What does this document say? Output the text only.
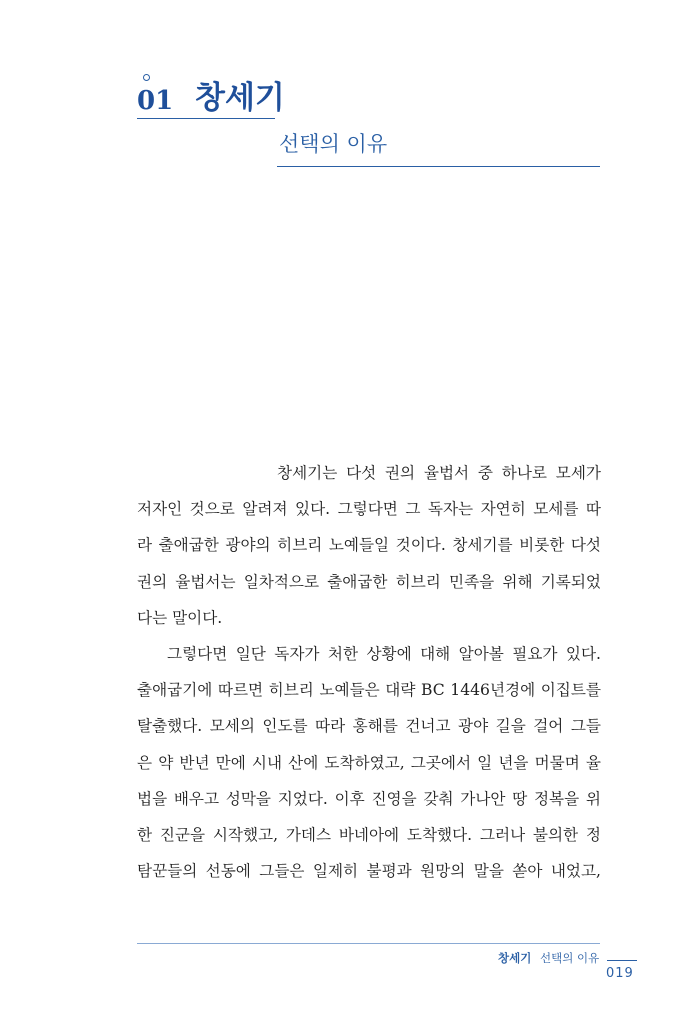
01 창세기
선택의 이유

창세기는 다섯 권의 율법서 중 하나로 모세가
저자인 것으로 알려져 있다. 그렇다면 그 독자는 자연히 모세를 따
라 출애굽한 광야의 히브리 노예들일 것이다. 창세기를 비롯한 다섯
권의 율법서는 일차적으로 출애굽한 히브리 민족을 위해 기록되었
다는 말이다.

그렇다면 일단 독자가 처한 상황에 대해 알아볼 필요가 있다.
출애굽기에 따르면 히브리 노예들은 대략 BC 1446년경에 이집트를
탈출했다. 모세의 인도를 따라 홍해를 건너고 광야 길을 걸어 그들
은 약 반년 만에 시내 산에 도착하였고, 그곳에서 일 년을 머물며 율
법을 배우고 성막을 지었다. 이후 진영을 갖춰 가나안 땅 정복을 위
한 진군을 시작했고, 가데스 바네아에 도착했다. 그러나 불의한 정
탐꾼들의 선동에 그들은 일제히 불평과 원망의 말을 쏟아 내었고,

창세기 선택의 이유
019
